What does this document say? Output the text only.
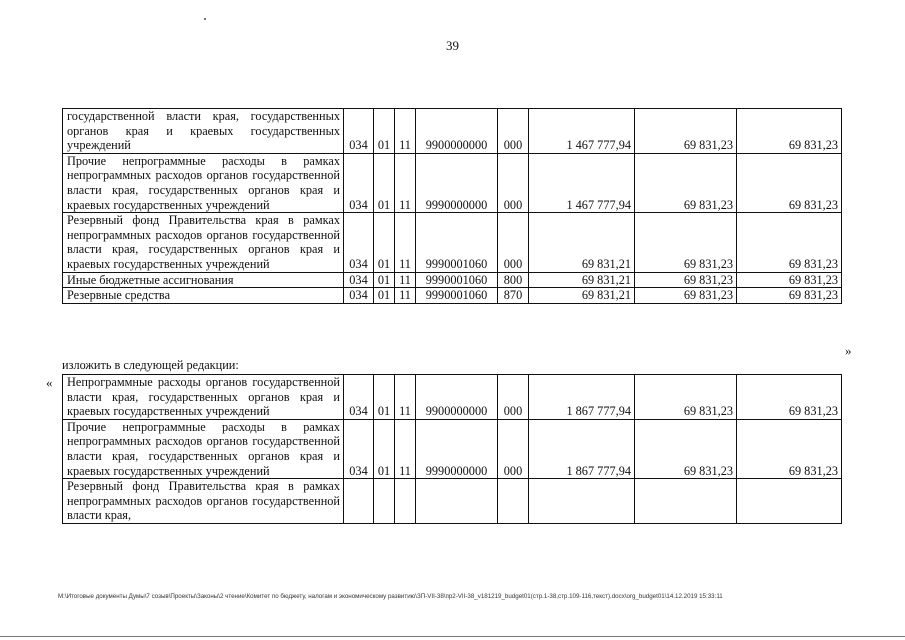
39
государственной власти края, государственных органов края и краевых государственных учреждений	034	01	11	9900000000	000	1 467 777,94	69 831,23	69 831,23
Прочие непрограммные расходы в рамках непрограммных расходов органов государственной власти края, государственных органов края и краевых государственных учреждений	034	01	11	9990000000	000	1 467 777,94	69 831,23	69 831,23
Резервный фонд Правительства края в рамках непрограммных расходов органов государственной власти края, государственных органов края и краевых государственных учреждений	034	01	11	9990001060	000	69 831,21	69 831,23	69 831,23
Иные бюджетные ассигнования	034	01	11	9990001060	800	69 831,21	69 831,23	69 831,23
Резервные средства	034	01	11	9990001060	870	69 831,21	69 831,23	69 831,23
»
изложить в следующей редакции:
« Непрограммные расходы органов государственной власти края, государственных органов края и краевых государственных учреждений	034	01	11	9900000000	000	1 867 777,94	69 831,23	69 831,23
Прочие непрограммные расходы в рамках непрограммных расходов органов государственной власти края, государственных органов края и краевых государственных учреждений	034	01	11	9990000000	000	1 867 777,94	69 831,23	69 831,23
Резервный фонд Правительства края в рамках непрограммных расходов органов государственной власти края,								
M:\Итоговые документы Думы\7 созыв\Проекты\Законы\2 чтение\Комитет по бюджету, налогам и экономическому развитию\ЗП-VII-38\пр2-VII-38_v181219_budget01(стр.1-38,стр.109-116,текст).docx\org_budget01\14.12.2019 15:33:11
